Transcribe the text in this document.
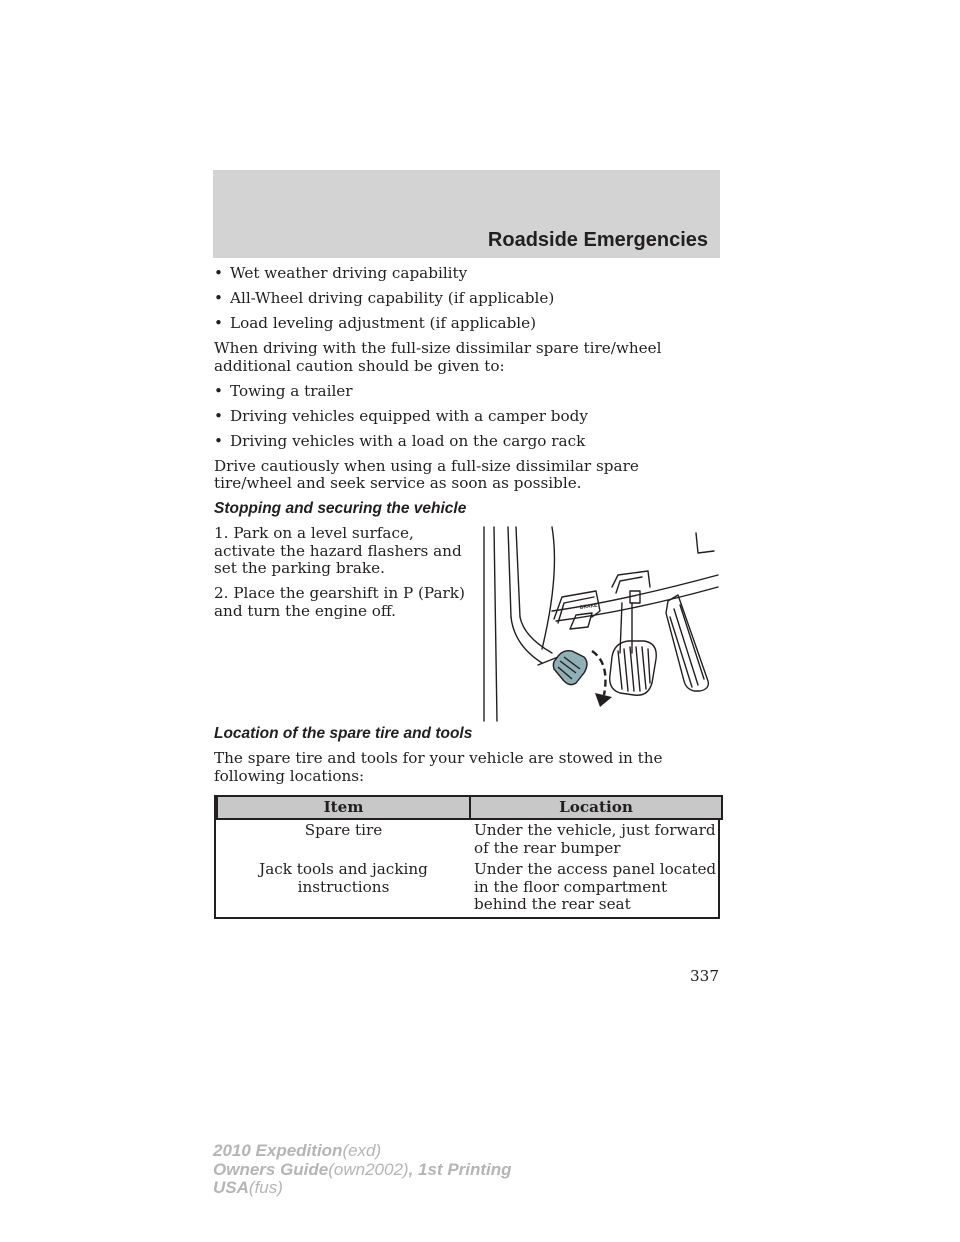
Roadside Emergencies
• Wet weather driving capability
• All-Wheel driving capability (if applicable)
• Load leveling adjustment (if applicable)
When driving with the full-size dissimilar spare tire/wheel additional caution should be given to:
• Towing a trailer
• Driving vehicles equipped with a camper body
• Driving vehicles with a load on the cargo rack
Drive cautiously when using a full-size dissimilar spare tire/wheel and seek service as soon as possible.
Stopping and securing the vehicle
1. Park on a level surface, activate the hazard flashers and set the parking brake.
2. Place the gearshift in P (Park) and turn the engine off.	BRAKE
Location of the spare tire and tools
The spare tire and tools for your vehicle are stowed in the following locations:
Item	Location
Spare tire	Under the vehicle, just forward of the rear bumper
Jack tools and jacking instructions	Under the access panel located in the floor compartment behind the rear seat
337
2010 Expedition(exd)
Owners Guide(own2002), 1st Printing
USA(fus)
